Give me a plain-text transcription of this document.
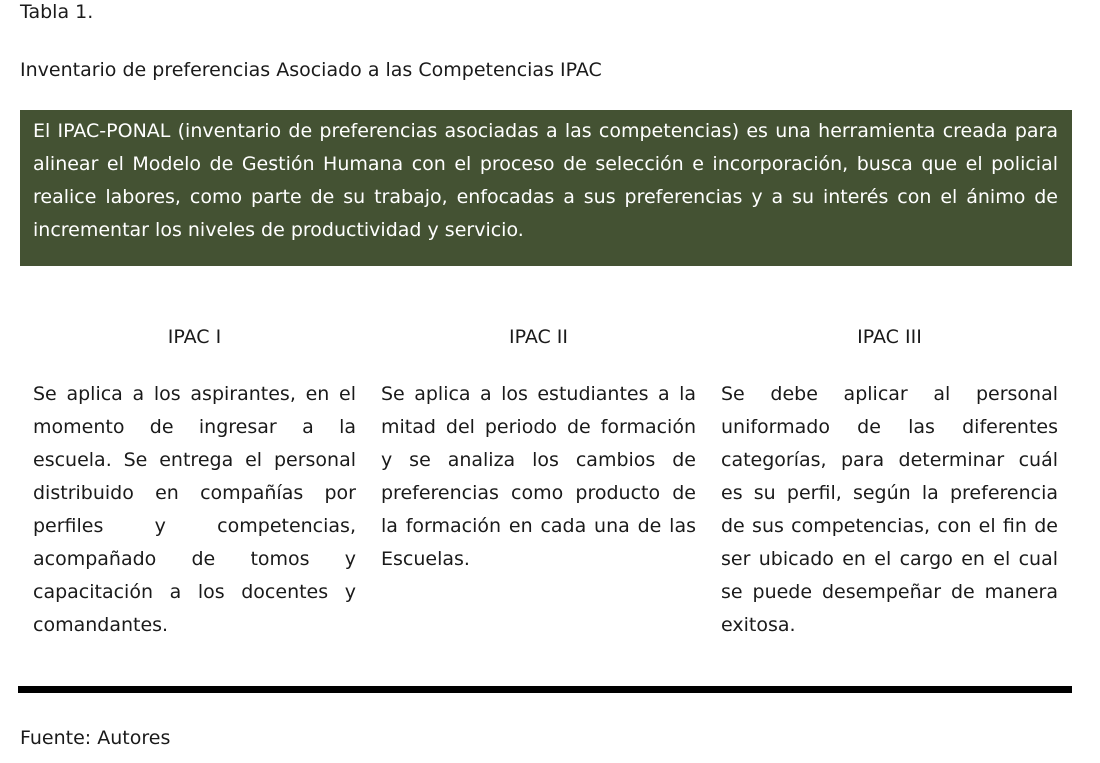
Tabla 1.
Inventario de preferencias Asociado a las Competencias IPAC

El IPAC-PONAL (inventario de preferencias asociadas a las competencias) es una herramienta creada para alinear el Modelo de Gestión Humana con el proceso de selección e incorporación, busca que el policial realice labores, como parte de su trabajo, enfocadas a sus preferencias y a su interés con el ánimo de incrementar los niveles de productividad y servicio.

IPAC I	IPAC II	IPAC III

Se aplica a los aspirantes, en el momento de ingresar a la escuela. Se entrega el personal distribuido en compañías por perfiles y competencias, acompañado de tomos y capacitación a los docentes y comandantes.

Se aplica a los estudiantes a la mitad del periodo de formación y se analiza los cambios de preferencias como producto de la formación en cada una de las Escuelas.

Se debe aplicar al personal uniformado de las diferentes categorías, para determinar cuál es su perfil, según la preferencia de sus competencias, con el fin de ser ubicado en el cargo en el cual se puede desempeñar de manera exitosa.

Fuente: Autores
